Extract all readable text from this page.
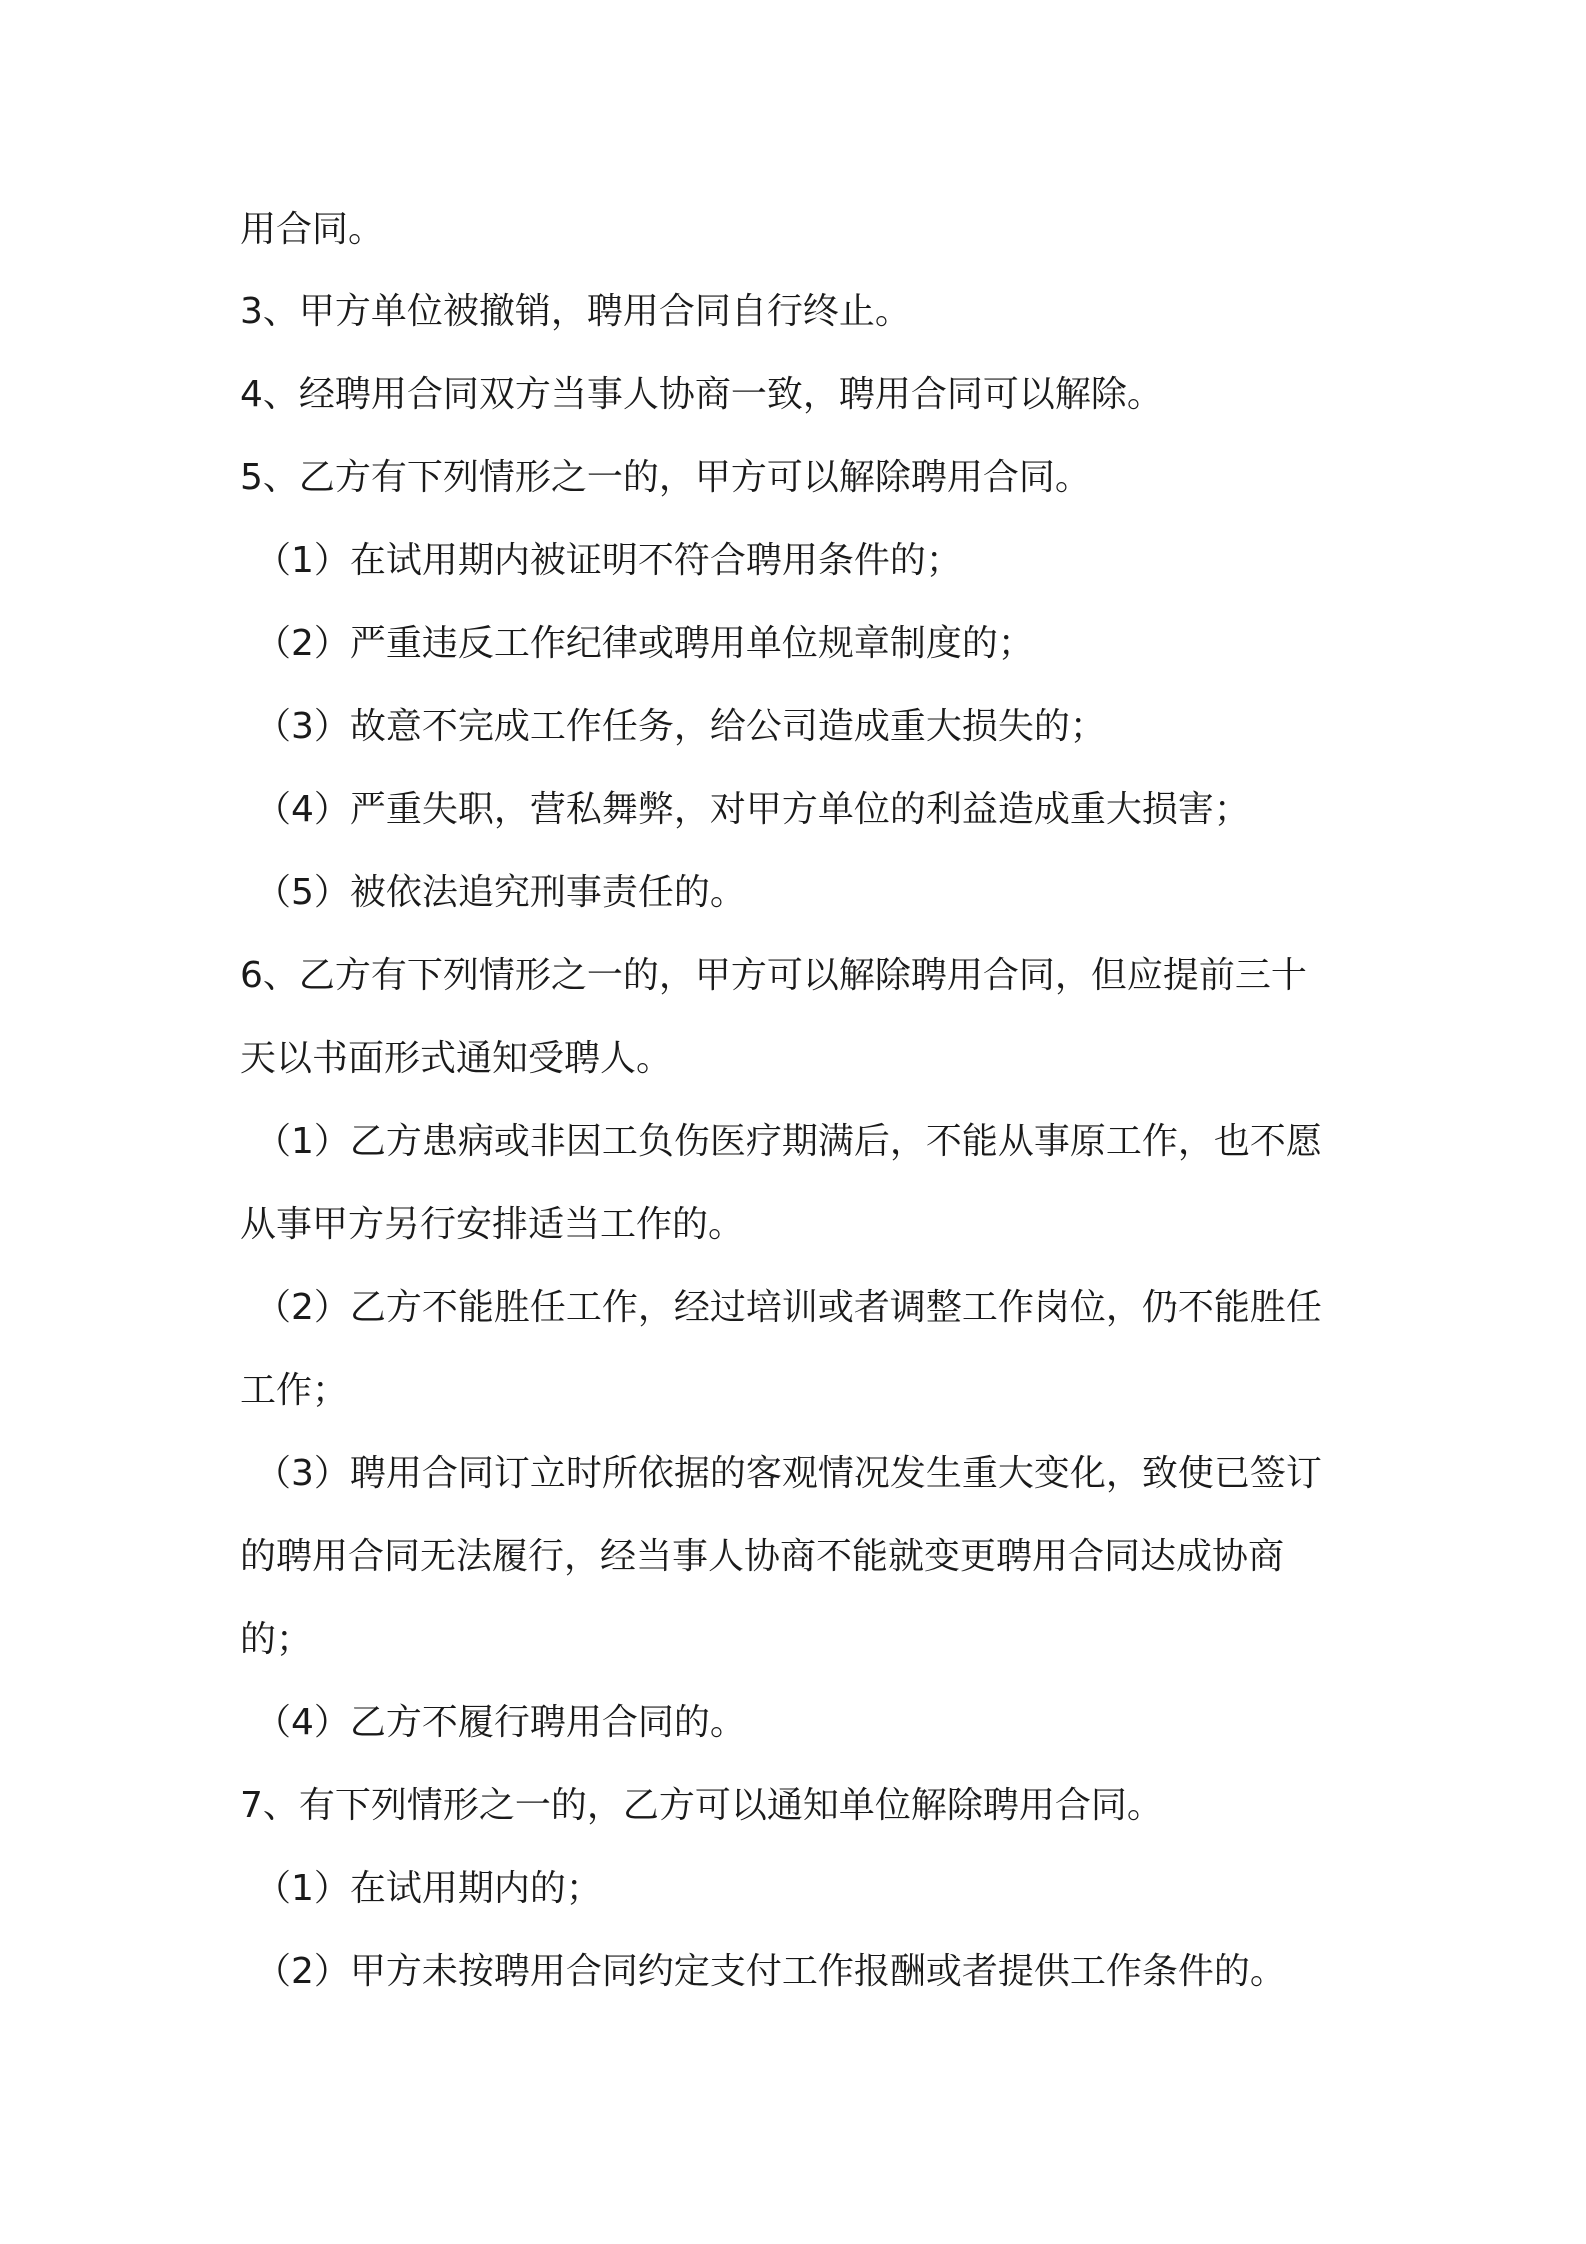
用合同。
3、甲方单位被撤销，聘用合同自行终止。
4、经聘用合同双方当事人协商一致，聘用合同可以解除。
5、乙方有下列情形之一的，甲方可以解除聘用合同。
（1）在试用期内被证明不符合聘用条件的；
（2）严重违反工作纪律或聘用单位规章制度的；
（3）故意不完成工作任务，给公司造成重大损失的；
（4）严重失职，营私舞弊，对甲方单位的利益造成重大损害；
（5）被依法追究刑事责任的。
6、乙方有下列情形之一的，甲方可以解除聘用合同，但应提前三十
天以书面形式通知受聘人。
（1）乙方患病或非因工负伤医疗期满后，不能从事原工作，也不愿
从事甲方另行安排适当工作的。
（2）乙方不能胜任工作，经过培训或者调整工作岗位，仍不能胜任
工作；
（3）聘用合同订立时所依据的客观情况发生重大变化，致使已签订
的聘用合同无法履行，经当事人协商不能就变更聘用合同达成协商
的；
（4）乙方不履行聘用合同的。
7、有下列情形之一的，乙方可以通知单位解除聘用合同。
（1）在试用期内的；
（2）甲方未按聘用合同约定支付工作报酬或者提供工作条件的。
